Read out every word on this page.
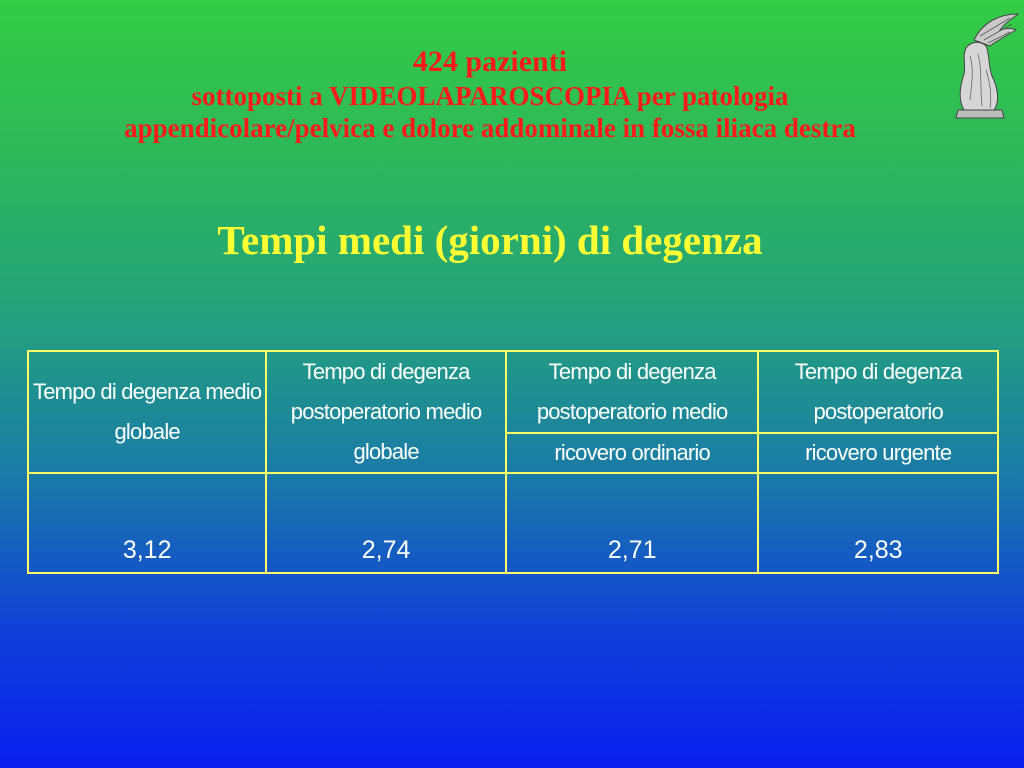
424 pazienti
sottoposti a VIDEOLAPAROSCOPIA per patologia
appendicolare/pelvica e dolore addominale in fossa iliaca destra
Tempi medi (giorni) di degenza
Tempo di degenza medio globale	Tempo di degenza postoperatorio medio globale	Tempo di degenza postoperatorio medio	Tempo di degenza postoperatorio
		ricovero ordinario	ricovero urgente
3,12	2,74	2,71	2,83
